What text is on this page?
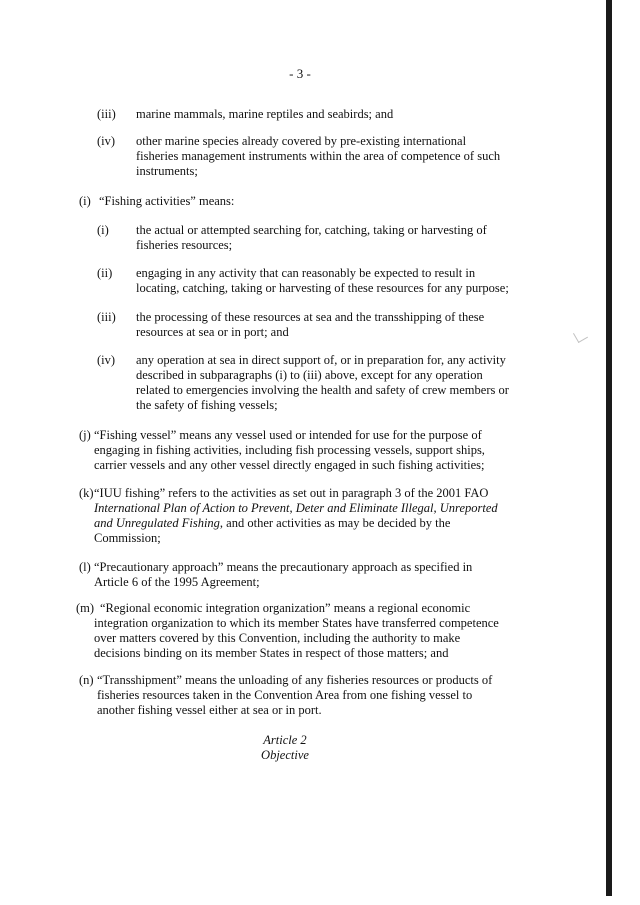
- 3 -
(iii) marine mammals, marine reptiles and seabirds; and
(iv) other marine species already covered by pre-existing international
fisheries management instruments within the area of competence of such
instruments;
(i) “Fishing activities” means:
(i) the actual or attempted searching for, catching, taking or harvesting of
fisheries resources;
(ii) engaging in any activity that can reasonably be expected to result in
locating, catching, taking or harvesting of these resources for any purpose;
(iii) the processing of these resources at sea and the transshipping of these
resources at sea or in port; and
(iv) any operation at sea in direct support of, or in preparation for, any activity
described in subparagraphs (i) to (iii) above, except for any operation
related to emergencies involving the health and safety of crew members or
the safety of fishing vessels;
(j) “Fishing vessel” means any vessel used or intended for use for the purpose of
engaging in fishing activities, including fish processing vessels, support ships,
carrier vessels and any other vessel directly engaged in such fishing activities;
(k) “IUU fishing” refers to the activities as set out in paragraph 3 of the 2001 FAO
International Plan of Action to Prevent, Deter and Eliminate Illegal, Unreported
and Unregulated Fishing, and other activities as may be decided by the
Commission;
(l) “Precautionary approach” means the precautionary approach as specified in
Article 6 of the 1995 Agreement;
(m) “Regional economic integration organization” means a regional economic
integration organization to which its member States have transferred competence
over matters covered by this Convention, including the authority to make
decisions binding on its member States in respect of those matters; and
(n) “Transshipment” means the unloading of any fisheries resources or products of
fisheries resources taken in the Convention Area from one fishing vessel to
another fishing vessel either at sea or in port.
Article 2
Objective
